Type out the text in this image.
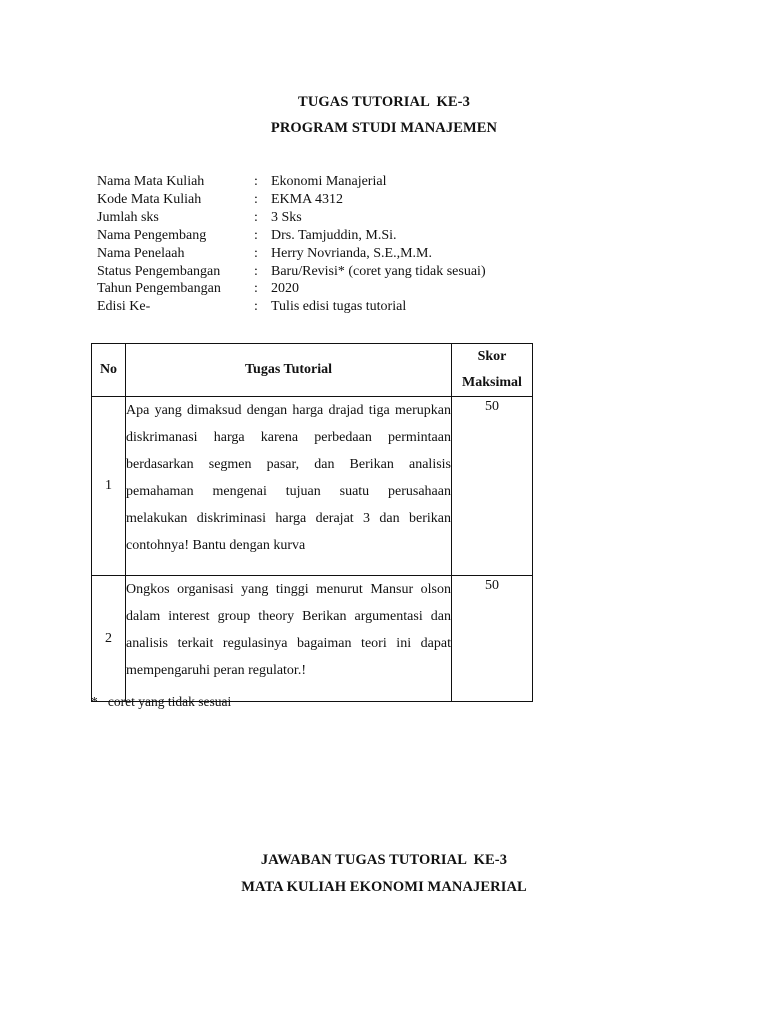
TUGAS TUTORIAL  KE-3
PROGRAM STUDI MANAJEMEN
Nama Mata Kuliah	: Ekonomi Manajerial
Kode Mata Kuliah	: EKMA 4312
Jumlah sks	: 3 Sks
Nama Pengembang	: Drs. Tamjuddin, M.Si.
Nama Penelaah	: Herry Novrianda, S.E.,M.M.
Status Pengembangan	: Baru/Revisi* (coret yang tidak sesuai)
Tahun Pengembangan	: 2020
Edisi Ke-	: Tulis edisi tugas tutorial
No	Tugas Tutorial	Skor
Maksimal

1	Apa yang dimaksud dengan harga drajad tiga merupkan diskrimanasi harga karena perbedaan permintaan berdasarkan segmen pasar, dan Berikan analisis pemahaman mengenai tujuan suatu perusahaan melakukan diskriminasi harga derajat 3 dan berikan contohnya! Bantu dengan kurva	50
2	Ongkos organisasi yang tinggi menurut Mansur olson dalam interest group theory Berikan argumentasi dan analisis terkait regulasinya bagaiman teori ini dapat mempengaruhi peran regulator.!	50
*   coret yang tidak sesuai
JAWABAN TUGAS TUTORIAL  KE-3
MATA KULIAH EKONOMI MANAJERIAL
